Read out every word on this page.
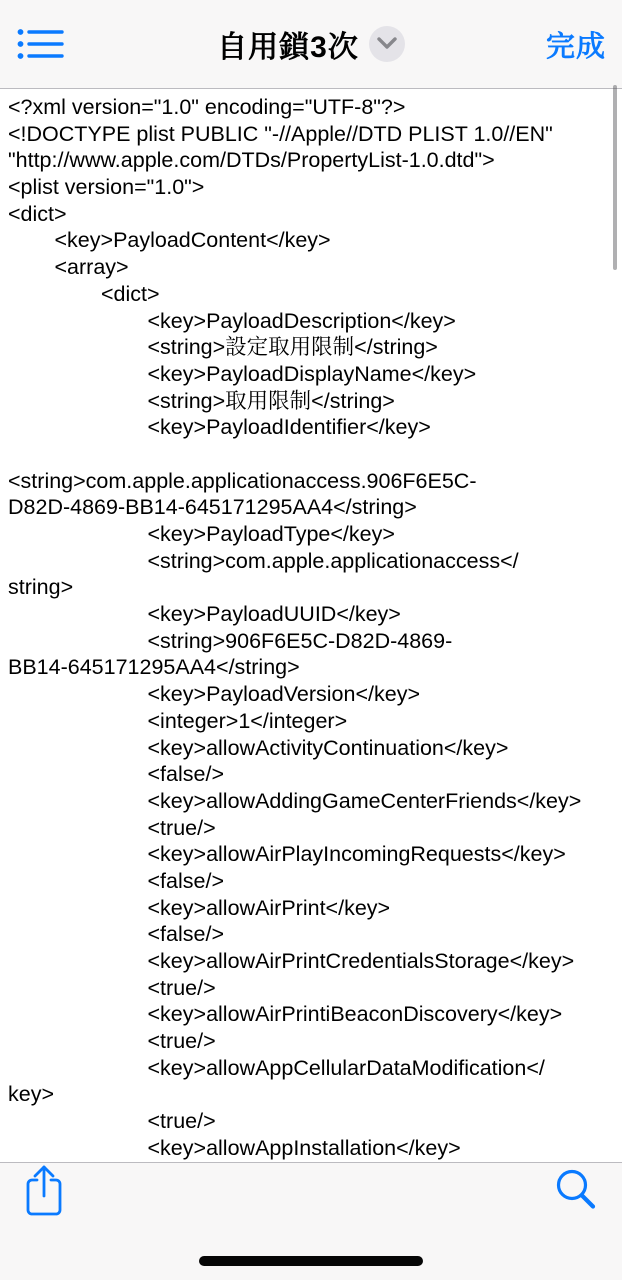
自用鎖3次	完成
<?xml version="1.0" encoding="UTF-8"?>
<!DOCTYPE plist PUBLIC "-//Apple//DTD PLIST 1.0//EN"
"http://www.apple.com/DTDs/PropertyList-1.0.dtd">
<plist version="1.0">
<dict>
<key>PayloadContent</key>
<array>
<dict>
<key>PayloadDescription</key>
<string>設定取用限制</string>
<key>PayloadDisplayName</key>
<string>取用限制</string>
<key>PayloadIdentifier</key>

<string>com.apple.applicationaccess.906F6E5C-
D82D-4869-BB14-645171295AA4</string>
<key>PayloadType</key>
<string>com.apple.applicationaccess</
string>
<key>PayloadUUID</key>
<string>906F6E5C-D82D-4869-
BB14-645171295AA4</string>
<key>PayloadVersion</key>
<integer>1</integer>
<key>allowActivityContinuation</key>
<false/>
<key>allowAddingGameCenterFriends</key>
<true/>
<key>allowAirPlayIncomingRequests</key>
<false/>
<key>allowAirPrint</key>
<false/>
<key>allowAirPrintCredentialsStorage</key>
<true/>
<key>allowAirPrintiBeaconDiscovery</key>
<true/>
<key>allowAppCellularDataModification</
key>
<true/>
<key>allowAppInstallation</key>
